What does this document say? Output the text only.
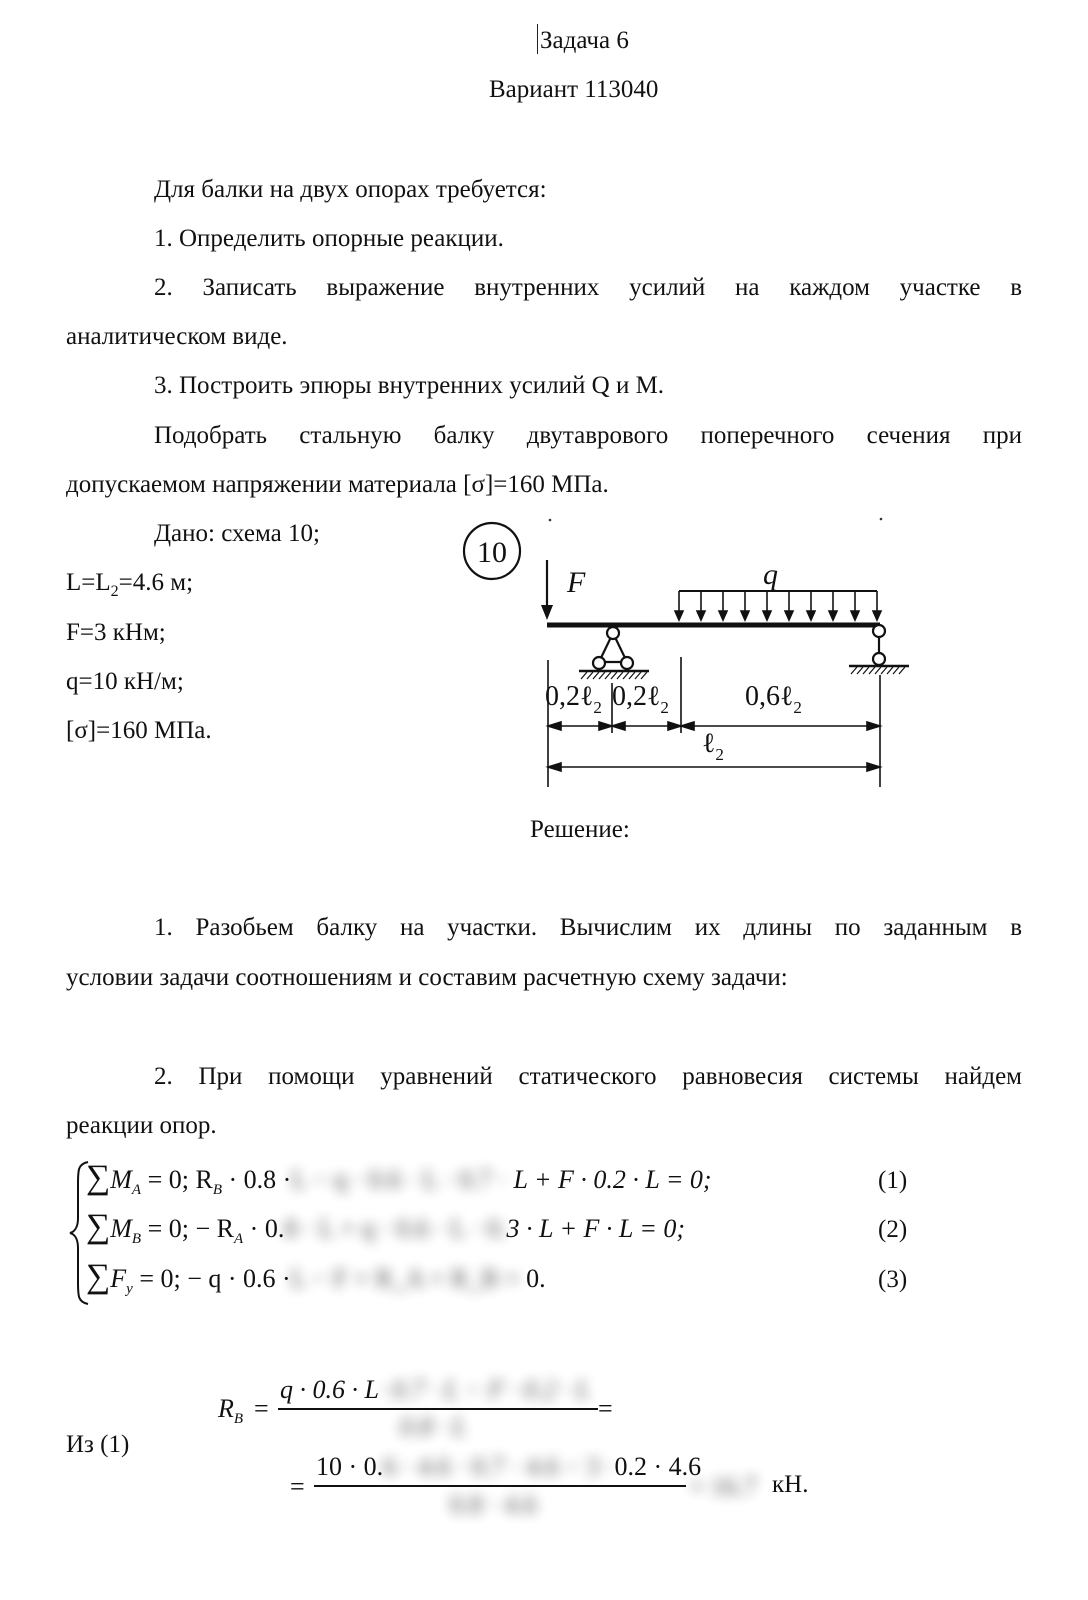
Задача 6
Вариант 113040
Для балки на двух опорах требуется:
1. Определить опорные реакции.
2. Записать выражение внутренних усилий на каждом участке в
аналитическом виде.
3. Построить эпюры внутренних усилий Q и М.
Подобрать стальную балку двутаврового поперечного сечения при
допускаемом напряжении материала [σ]=160 МПа.
Дано: схема 10;
$L=L_2=4.6$ м;
F=3 кНм;
q=10 кН/м;
[σ]=160 МПа.
10
F	q
0,2ℓ$_2$ 0,2ℓ$_2$	0,6ℓ$_2$
ℓ$_2$
Решение:
1. Разобьем балку на участки. Вычислим их длины по заданным в
условии задачи соотношениям и составим расчетную схему задачи:
2. При помощи уравнений статического равновесия системы найдем
реакции опор.
$\sum M_A = 0$; $R_B \cdot 0.8 \cdot L - q \cdot 0.6 \cdot L \cdot 0.7 \cdot L + F \cdot 0.2 \cdot L = 0$;	(1)
$\sum M_B = 0$; − $R_A \cdot 0.8 \cdot L + q \cdot 0.6 \cdot L \cdot 0.3 \cdot L + F \cdot L = 0$;	(2)
$\sum F_y = 0$; − q · 0.6 ·L − F + R_A + R_B = 0.	(3)
Из (1)
$R_B$ =
q · 0.6 · L· 0.7 · L − F · 0.2 · L
0.8 · L
=
=
10 · 0.6 · 4.6 · 0.7 · 4.6 − 3 ·0.2 · 4.6
0.8 · 4.6
= 16.7 кН.
